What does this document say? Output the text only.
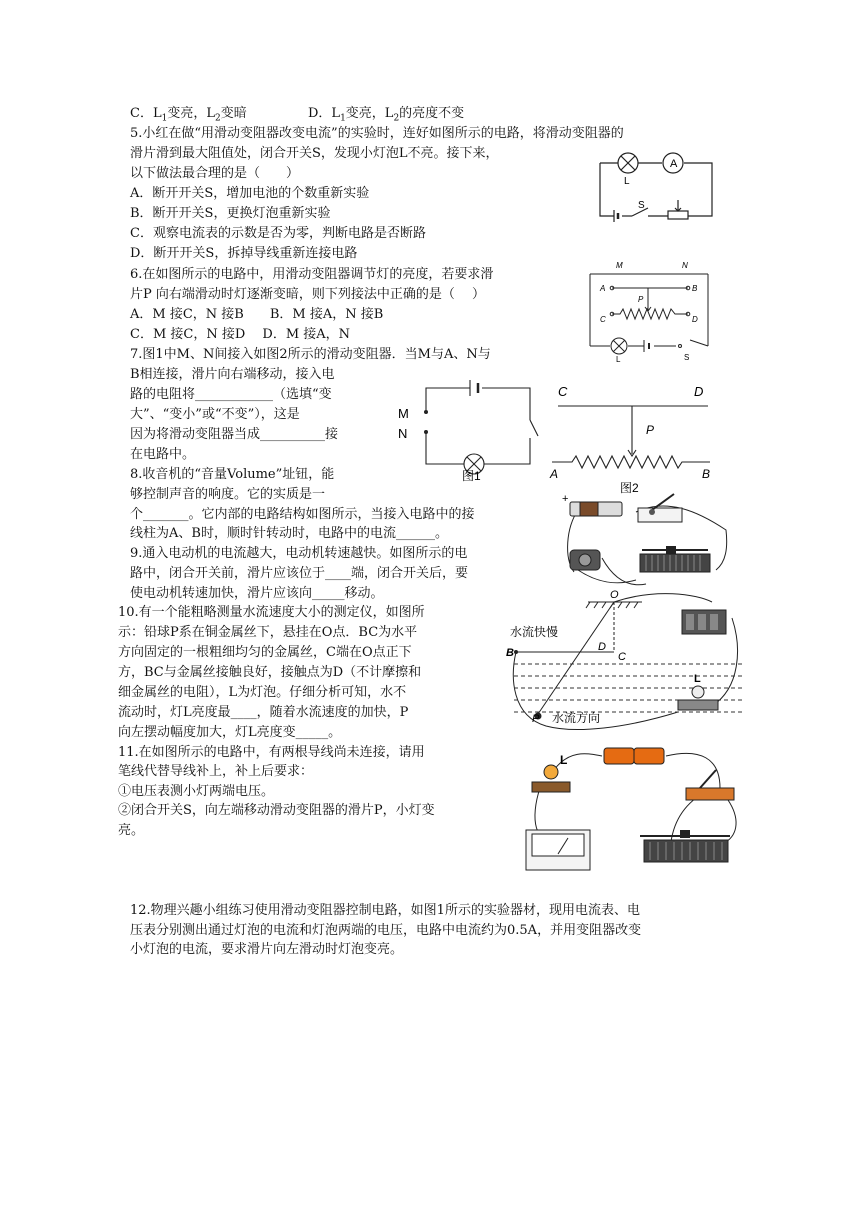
C．$L_1$变亮，$L_2$变暗	D．$L_1$变亮，$L_2$的亮度不变
5.小红在做“用滑动变阻器改变电流”的实验时，连好如图所示的电路，将滑动变阻器的
滑片滑到最大阻值处，闭合开关S，发现小灯泡L不亮。接下来，
以下做法最合理的是（　　）
A．断开开关S，增加电池的个数重新实验
B．断开开关S，更换灯泡重新实验
C．观察电流表的示数是否为零，判断电路是否断路
D．断开开关S，拆掉导线重新连接电路
A
L
S
6.在如图所示的电路中，用滑动变阻器调节灯的亮度，若要求滑
片P 向右端滑动时灯逐渐变暗，则下列接法中正确的是（　 ）
A．M 接C，N 接B　　B．M 接A，N 接B
C．M 接C，N 接D　 D．M 接A，N
M	N
A	B
P
C	D
L	S
7.图1中M、N间接入如图2所示的滑动变阻器．当M与A、N与
B相连接，滑片向右端移动，接入电
路的电阻将____________（选填“变
大”、“变小”或“不变”），这是
因为将滑动变阻器当成__________接
在电路中。
M
N
图1
C	D
P
A	B
图2
8.收音机的“音量Volume”址钮，能
够控制声音的响度。它的实质是一
个_______。它内部的电路结构如图所示，当接入电路中的接
线柱为A、B时，顺时针转动时，电路中的电流______。
9.通入电动机的电流越大，电动机转速越快。如图所示的电
路中，闭合开关前，滑片应该位于____端，闭合开关后，要
使电动机转速加快，滑片应该向_____移动。
+
10.有一个能粗略测量水流速度大小的测定仪，如图所
示：铅球P系在铜金属丝下，悬挂在O点．BC为水平
方向固定的一根粗细均匀的金属丝，C端在O点正下
方，BC与金属丝接触良好，接触点为D（不计摩擦和
细金属丝的电阻），L为灯泡。仔细分析可知，水不
流动时，灯L亮度最____，随着水流速度的加快，P
向左摆动幅度加大，灯L亮度变_____。
O
B	C
D
P
L
水流快慢
水流方向
11.在如图所示的电路中，有两根导线尚未连接，请用
笔线代替导线补上，补上后要求：
①电压表测小灯两端电压。
②闭合开关S，向左端移动滑动变阻器的滑片P，小灯变
亮。
L
12.物理兴趣小组练习使用滑动变阻器控制电路，如图1所示的实验器材，现用电流表、电
压表分别测出通过灯泡的电流和灯泡两端的电压，电路中电流约为0.5A，并用变阻器改变
小灯泡的电流，要求滑片向左滑动时灯泡变亮。
